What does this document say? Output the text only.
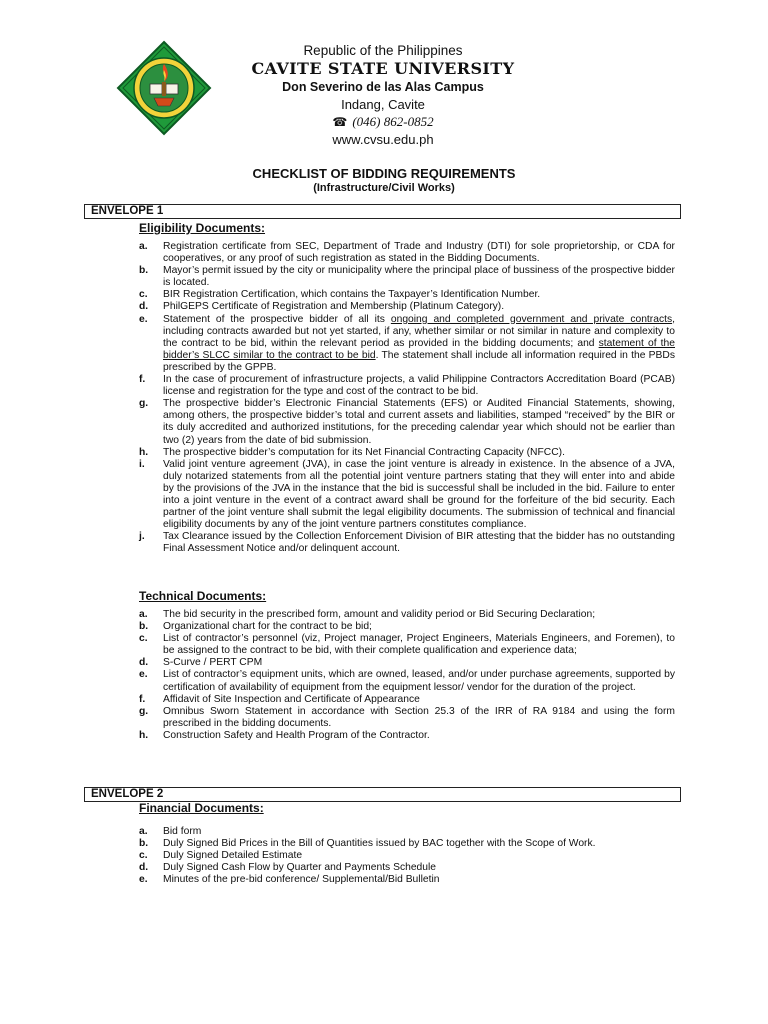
Republic of the Philippines
CAVITE STATE UNIVERSITY
Don Severino de las Alas Campus
Indang, Cavite
☎ (046) 862-0852
www.cvsu.edu.ph
CHECKLIST OF BIDDING REQUIREMENTS
(Infrastructure/Civil Works)
ENVELOPE 1
Eligibility Documents:
a.	Registration certificate from SEC, Department of Trade and Industry (DTI) for sole proprietorship, or CDA for cooperatives, or any proof of such registration as stated in the Bidding Documents.
b.	Mayor’s permit issued by the city or municipality where the principal place of bussiness of the prospective bidder is located.
c.	BIR Registration Certification, which contains the Taxpayer’s Identification Number.
d.	PhilGEPS Certificate of Registration and Membership (Platinum Category).
e.	Statement of the prospective bidder of all its ongoing and completed government and private contracts, including contracts awarded but not yet started, if any, whether similar or not similar in nature and complexity to the contract to be bid, within the relevant period as provided in the bidding documents; and statement of the bidder’s SLCC similar to the contract to be bid. The statement shall include all information required in the PBDs prescribed by the GPPB.
f.	In the case of procurement of infrastructure projects, a valid Philippine Contractors Accreditation Board (PCAB) license and registration for the type and cost of the contract to be bid.
g.	The prospective bidder’s Electronic Financial Statements (EFS) or Audited Financial Statements, showing, among others, the prospective bidder’s total and current assets and liabilities, stamped “received” by the BIR or its duly accredited and authorized institutions, for the preceding calendar year which should not be earlier than two (2) years from the date of bid submission.
h.	The prospective bidder’s computation for its Net Financial Contracting Capacity (NFCC).
i.	Valid joint venture agreement (JVA), in case the joint venture is already in existence. In the absence of a JVA, duly notarized statements from all the potential joint venture partners stating that they will enter into and abide by the provisions of the JVA in the instance that the bid is successful shall be included in the bid. Failure to enter into a joint venture in the event of a contract award shall be ground for the forfeiture of the bid security. Each partner of the joint venture shall submit the legal eligibility documents. The submission of technical and financial eligibility documents by any of the joint venture partners constitutes compliance.
j.	Tax Clearance issued by the Collection Enforcement Division of BIR attesting that the bidder has no outstanding Final Assessment Notice and/or delinquent account.
Technical Documents:
a.	The bid security in the prescribed form, amount and validity period or Bid Securing Declaration;
b.	Organizational chart for the contract to be bid;
c.	List of contractor’s personnel (viz, Project manager, Project Engineers, Materials Engineers, and Foremen), to be assigned to the contract to be bid, with their complete qualification and experience data;
d.	S-Curve / PERT CPM
e.	List of contractor’s equipment units, which are owned, leased, and/or under purchase agreements, supported by certification of availability of equipment from the equipment lessor/ vendor for the duration of the project.
f.	Affidavit of Site Inspection and Certificate of Appearance
g.	Omnibus Sworn Statement in accordance with Section 25.3 of the IRR of RA 9184 and using the form prescribed in the bidding documents.
h.	Construction Safety and Health Program of the Contractor.
ENVELOPE 2
Financial Documents:
a.	Bid form
b.	Duly Signed Bid Prices in the Bill of Quantities issued by BAC together with the Scope of Work.
c.	Duly Signed Detailed Estimate
d.	Duly Signed Cash Flow by Quarter and Payments Schedule
e.	Minutes of the pre-bid conference/ Supplemental/Bid Bulletin
